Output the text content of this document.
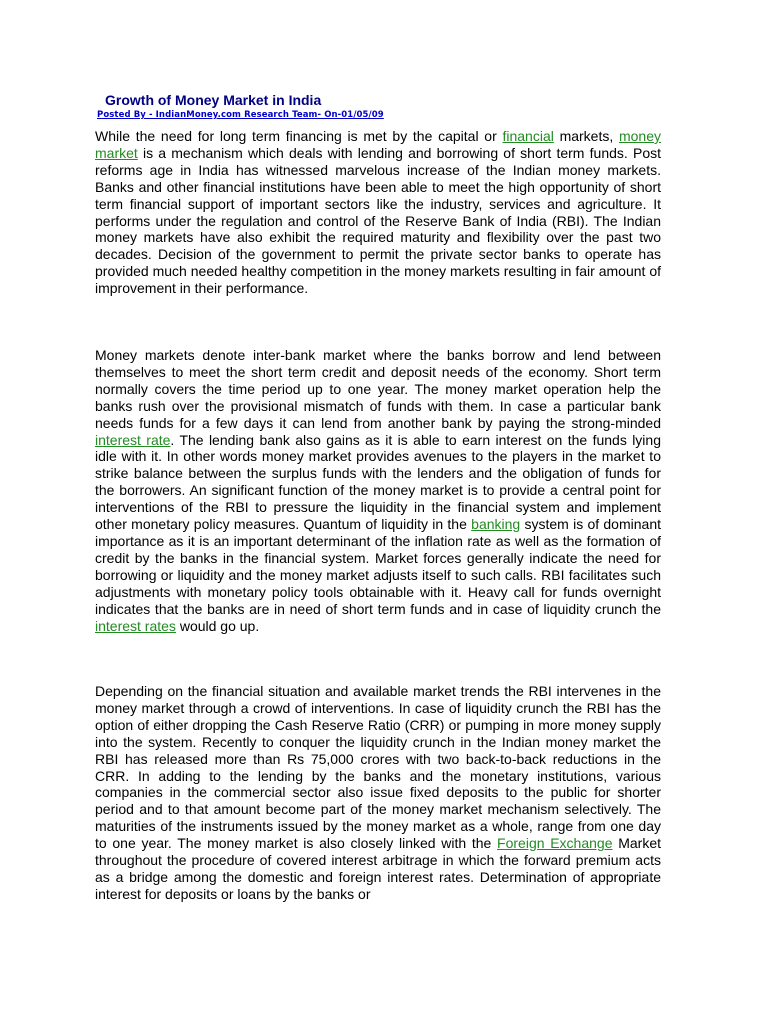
Growth of Money Market in India
Posted By - IndianMoney.com Research Team- On-01/05/09

While the need for long term financing is met by the capital or financial markets, money market is a mechanism which deals with lending and borrowing of short term funds. Post reforms age in India has witnessed marvelous increase of the Indian money markets. Banks and other financial institutions have been able to meet the high opportunity of short term financial support of important sectors like the industry, services and agriculture. It performs under the regulation and control of the Reserve Bank of India (RBI). The Indian money markets have also exhibit the required maturity and flexibility over the past two decades. Decision of the government to permit the private sector banks to operate has provided much needed healthy competition in the money markets resulting in fair amount of improvement in their performance.

Money markets denote inter-bank market where the banks borrow and lend between themselves to meet the short term credit and deposit needs of the economy. Short term normally covers the time period up to one year. The money market operation help the banks rush over the provisional mismatch of funds with them. In case a particular bank needs funds for a few days it can lend from another bank by paying the strong-minded interest rate. The lending bank also gains as it is able to earn interest on the funds lying idle with it. In other words money market provides avenues to the players in the market to strike balance between the surplus funds with the lenders and the obligation of funds for the borrowers. An significant function of the money market is to provide a central point for interventions of the RBI to pressure the liquidity in the financial system and implement other monetary policy measures. Quantum of liquidity in the banking system is of dominant importance as it is an important determinant of the inflation rate as well as the formation of credit by the banks in the financial system. Market forces generally indicate the need for borrowing or liquidity and the money market adjusts itself to such calls. RBI facilitates such adjustments with monetary policy tools obtainable with it. Heavy call for funds overnight indicates that the banks are in need of short term funds and in case of liquidity crunch the interest rates would go up.

Depending on the financial situation and available market trends the RBI intervenes in the money market through a crowd of interventions. In case of liquidity crunch the RBI has the option of either dropping the Cash Reserve Ratio (CRR) or pumping in more money supply into the system. Recently to conquer the liquidity crunch in the Indian money market the RBI has released more than Rs 75,000 crores with two back-to-back reductions in the CRR. In adding to the lending by the banks and the monetary institutions, various companies in the commercial sector also issue fixed deposits to the public for shorter period and to that amount become part of the money market mechanism selectively. The maturities of the instruments issued by the money market as a whole, range from one day to one year. The money market is also closely linked with the Foreign Exchange Market throughout the procedure of covered interest arbitrage in which the forward premium acts as a bridge among the domestic and foreign interest rates. Determination of appropriate interest for deposits or loans by the banks or
